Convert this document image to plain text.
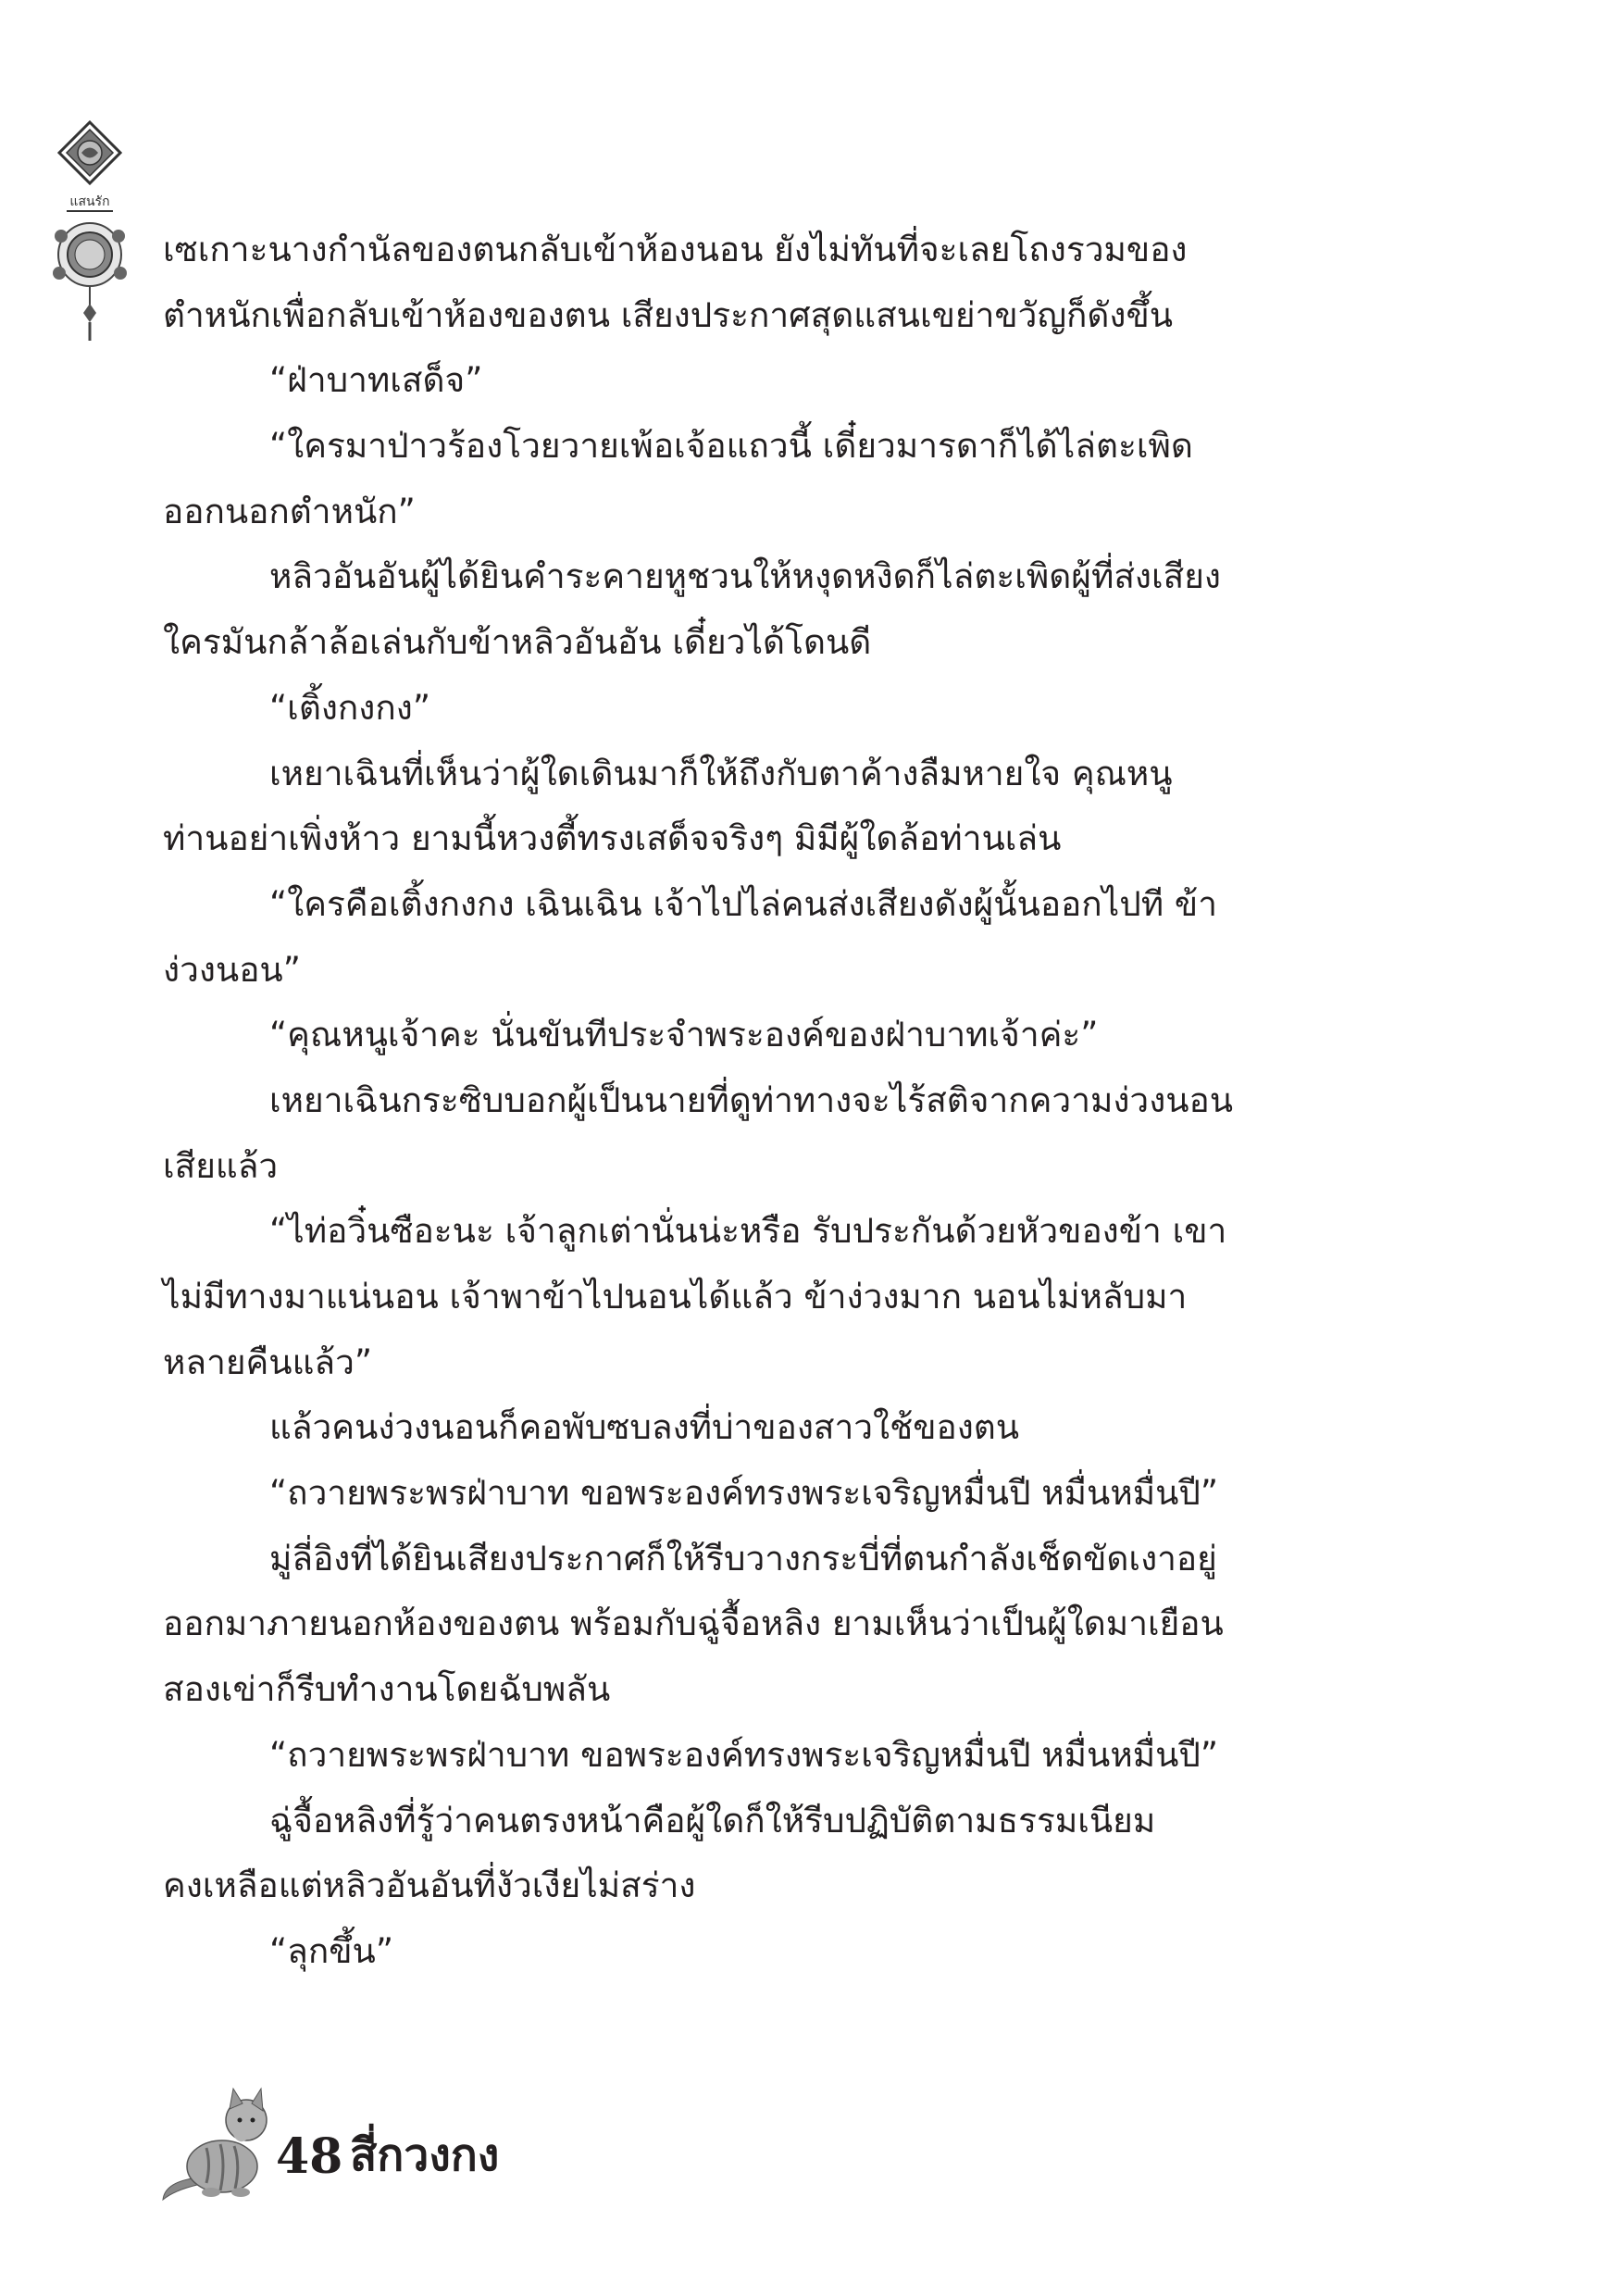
แสนรัก

เซเกาะนางกำนัลของตนกลับเข้าห้องนอน ยังไม่ทันที่จะเลยโถงรวมของ

ตำหนักเพื่อกลับเข้าห้องของตน เสียงประกาศสุดแสนเขย่าขวัญก็ดังขึ้น

“ฝ่าบาทเสด็จ”

“ใครมาป่าวร้องโวยวายเพ้อเจ้อแถวนี้ เดี๋ยวมารดาก็ได้ไล่ตะเพิด

ออกนอกตำหนัก”

หลิวอันอันผู้ได้ยินคำระคายหูชวนให้หงุดหงิดก็ไล่ตะเพิดผู้ที่ส่งเสียง

ใครมันกล้าล้อเล่นกับข้าหลิวอันอัน เดี๋ยวได้โดนดี

“เติ้งกงกง”

เหยาเฉินที่เห็นว่าผู้ใดเดินมาก็ให้ถึงกับตาค้างลืมหายใจ คุณหนู

ท่านอย่าเพิ่งห้าว ยามนี้หวงตี้ทรงเสด็จจริงๆ มิมีผู้ใดล้อท่านเล่น

“ใครคือเติ้งกงกง เฉินเฉิน เจ้าไปไล่คนส่งเสียงดังผู้นั้นออกไปที ข้า

ง่วงนอน”

“คุณหนูเจ้าคะ นั่นขันทีประจำพระองค์ของฝ่าบาทเจ้าค่ะ”

เหยาเฉินกระซิบบอกผู้เป็นนายที่ดูท่าทางจะไร้สติจากความง่วงนอน

เสียแล้ว

“ไท่อวิ๋นซือะนะ เจ้าลูกเต่านั่นน่ะหรือ รับประกันด้วยหัวของข้า เขา

ไม่มีทางมาแน่นอน เจ้าพาข้าไปนอนได้แล้ว ข้าง่วงมาก นอนไม่หลับมา

หลายคืนแล้ว”

แล้วคนง่วงนอนก็คอพับซบลงที่บ่าของสาวใช้ของตน

“ถวายพระพรฝ่าบาท ขอพระองค์ทรงพระเจริญหมื่นปี หมื่นหมื่นปี”

มู่ลี่อิงที่ได้ยินเสียงประกาศก็ให้รีบวางกระบี่ที่ตนกำลังเช็ดขัดเงาอยู่

ออกมาภายนอกห้องของตน พร้อมกับฉู่จื้อหลิง ยามเห็นว่าเป็นผู้ใดมาเยือน

สองเข่าก็รีบทำงานโดยฉับพลัน

“ถวายพระพรฝ่าบาท ขอพระองค์ทรงพระเจริญหมื่นปี หมื่นหมื่นปี”

ฉู่จื้อหลิงที่รู้ว่าคนตรงหน้าคือผู้ใดก็ให้รีบปฏิบัติตามธรรมเนียม

คงเหลือแต่หลิวอันอันที่งัวเงียไม่สร่าง

“ลุกขึ้น”

48 สี่กวงกง
